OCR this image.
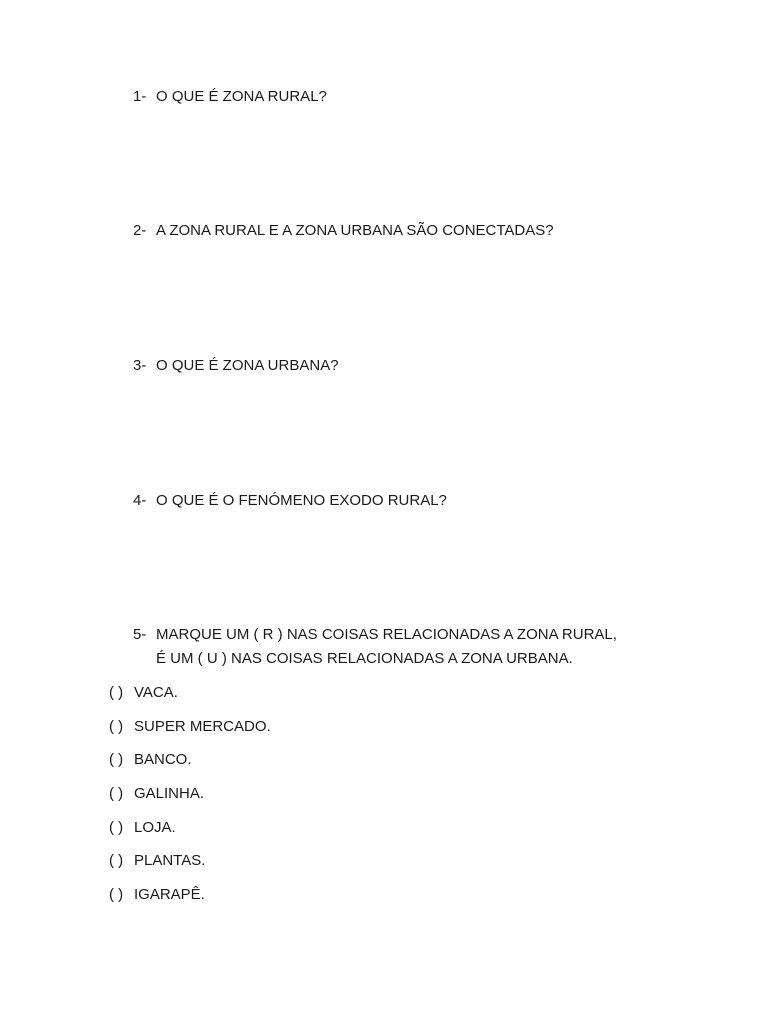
1- O QUE É ZONA RURAL?
2- A ZONA RURAL E A ZONA URBANA SÃO CONECTADAS?
3- O QUE É ZONA URBANA?
4- O QUE É O FENÓMENO EXODO RURAL?
5- MARQUE UM ( R ) NAS COISAS RELACIONADAS A ZONA RURAL,
É UM ( U ) NAS COISAS RELACIONADAS A ZONA URBANA.
( ) VACA.
( ) SUPER MERCADO.
( ) BANCO.
( ) GALINHA.
( ) LOJA.
( ) PLANTAS.
( ) IGARAPÊ.
